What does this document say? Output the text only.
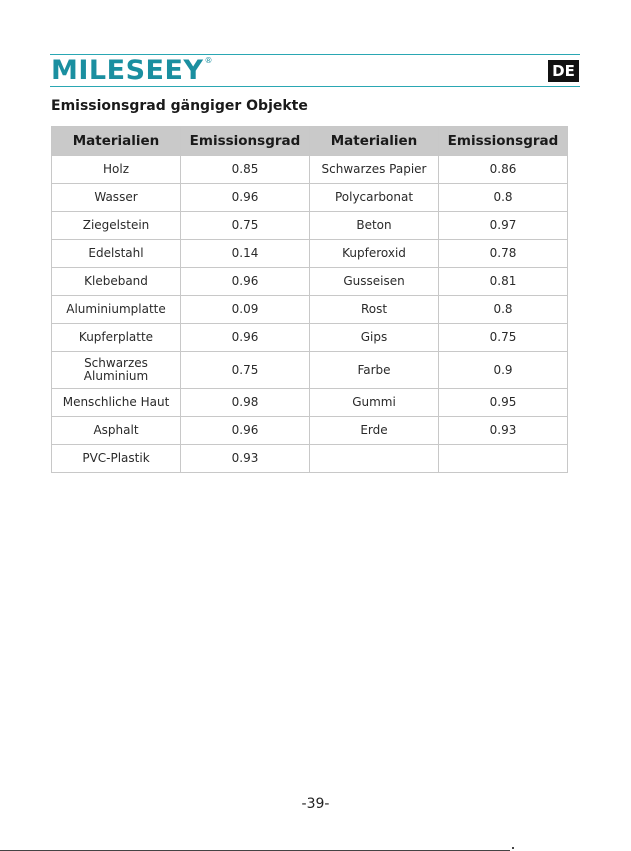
MILESEEY ®
DE
Emissionsgrad gängiger Objekte
Materialien	Emissionsgrad	Materialien	Emissionsgrad
Holz	0.85	Schwarzes Papier	0.86
Wasser	0.96	Polycarbonat	0.8
Ziegelstein	0.75	Beton	0.97
Edelstahl	0.14	Kupferoxid	0.78
Klebeband	0.96	Gusseisen	0.81
Aluminiumplatte	0.09	Rost	0.8
Kupferplatte	0.96	Gips	0.75
Schwarzes Aluminium	0.75	Farbe	0.9
Menschliche Haut	0.98	Gummi	0.95
Asphalt	0.96	Erde	0.93
PVC-Plastik	0.93		
-39-
